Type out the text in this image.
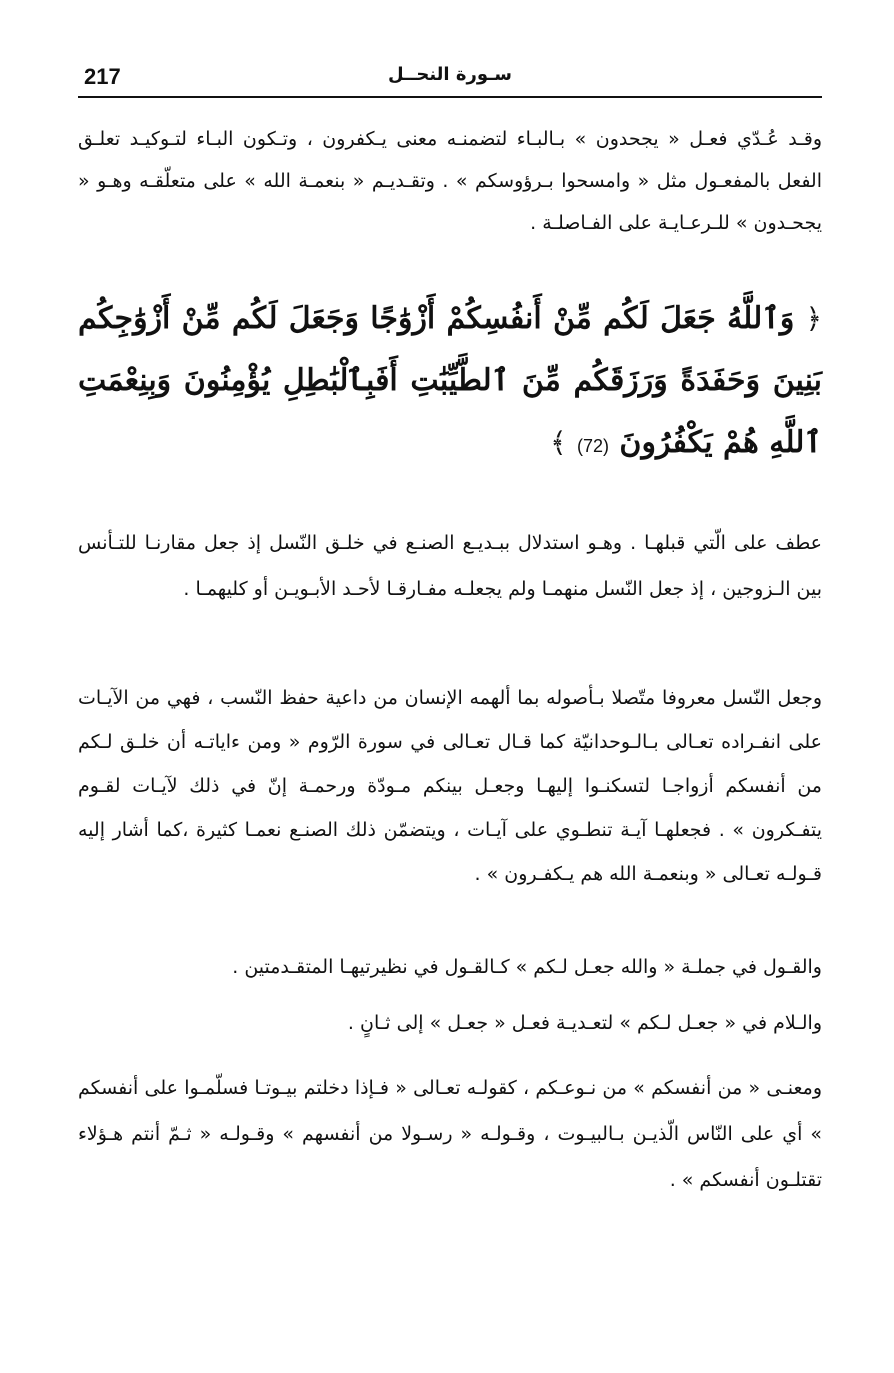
217	سـورة النحــل

وقـد عُـدّي فعـل « يجحدون » بـالبـاء لتضمنـه معنى يـكفرون ، وتـكون البـاء لتـوكيـد تعلـق الفعل بالمفعـول مثل « وامسحوا بـرؤوسكم » . وتقـديـم « بنعمـة الله » على متعلّقـه وهـو « يجحـدون » للـرعـايـة على الفـاصلـة .

﴿ وَٱللَّهُ جَعَلَ لَكُم مِّنْ أَنفُسِكُمْ أَزْوَٰجًا وَجَعَلَ لَكُم مِّنْ أَزْوَٰجِكُم بَنِينَ وَحَفَدَةً وَرَزَقَكُم مِّنَ ٱلطَّيِّبَٰتِ أَفَبِٱلْبَٰطِلِ يُؤْمِنُونَ وَبِنِعْمَتِ ٱللَّهِ هُمْ يَكْفُرُونَ (72) ﴾

عطف على الّتي قبلهـا . وهـو استدلال ببـديـع الصنـع في خلـق النّسل إذ جعل مقارنـا للتـأنس بين الـزوجين ، إذ جعل النّسل منهمـا ولم يجعلـه مفـارقـا لأحـد الأبـويـن أو كليهمـا .

وجعل النّسل معروفا متّصلا بـأصوله بما ألهمه الإنسان من داعية حفظ النّسب ، فهي من الآيـات على انفـراده تعـالى بـالـوحدانيّة كما قـال تعـالى في سورة الرّوم « ومن ءاياتـه أن خلـق لـكم من أنفسكم أزواجـا لتسكنـوا إليهـا وجعـل بينكم مـودّة ورحمـة إنّ في ذلك لآيـات لقـوم يتفـكرون » . فجعلهـا آيـة تنطـوي على آيـات ، ويتضمّن ذلك الصنـع نعمـا كثيرة ،كما أشار إليه قـولـه تعـالى « وبنعمـة الله هم يـكفـرون » .

والقـول في جملـة « والله جعـل لـكم » كـالقـول في نظيرتيهـا المتقـدمتين .

والـلام في « جعـل لـكم » لتعـديـة فعـل « جعـل » إلى ثـانٍ .

ومعنـى « من أنفسكم » من نـوعـكم ، كقولـه تعـالى « فـإذا دخلتم بيـوتـا فسلّمـوا على أنفسكم » أي على النّاس الّذيـن بـالبيـوت ، وقـولـه « رسـولا من أنفسهم » وقـولـه « ثـمّ أنتم هـؤلاء تقتلـون أنفسكم » .
